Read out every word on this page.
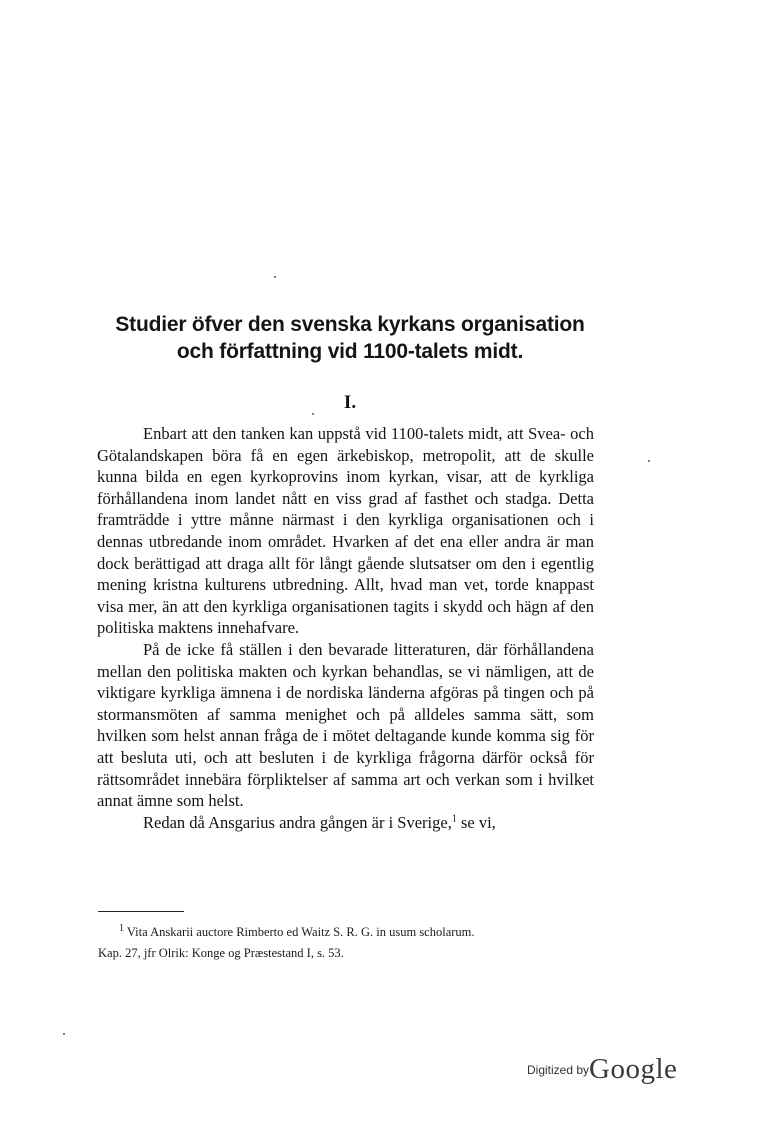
Studier öfver den svenska kyrkans organisation
och författning vid 1100-talets midt.
I.

Enbart att den tanken kan uppstå vid 1100-talets midt, att Svea- och Götalandskapen böra få en egen ärkebiskop, metropolit, att de skulle kunna bilda en egen kyrkoprovins inom kyrkan, visar, att de kyrkliga förhållandena inom landet nått en viss grad af fasthet och stadga. Detta framträdde i yttre månne närmast i den kyrkliga organisationen och i dennas utbredande inom området. Hvarken af det ena eller andra är man dock berättigad att draga allt för långt gående slutsatser om den i egentlig mening kristna kulturens utbredning. Allt, hvad man vet, torde knappast visa mer, än att den kyrkliga organisationen tagits i skydd och hägn af den politiska maktens innehafvare.

På de icke få ställen i den bevarade litteraturen, där förhållandena mellan den politiska makten och kyrkan behandlas, se vi nämligen, att de viktigare kyrkliga ämnena i de nordiska länderna afgöras på tingen och på stormansmöten af samma menighet och på alldeles samma sätt, som hvilken som helst annan fråga de i mötet deltagande kunde komma sig för att besluta uti, och att besluten i de kyrkliga frågorna därför också för rättsområdet innebära förpliktelser af samma art och verkan som i hvilket annat ämne som helst.

Redan då Ansgarius andra gången är i Sverige,$^1$ se vi,

$^1$ Vita Anskarii auctore Rimberto ed Waitz S. R. G. in usum scholarum.

Kap. 27, jfr Olrik: Konge og Præstestand I, s. 53.

$^{Digitized by}$Google
